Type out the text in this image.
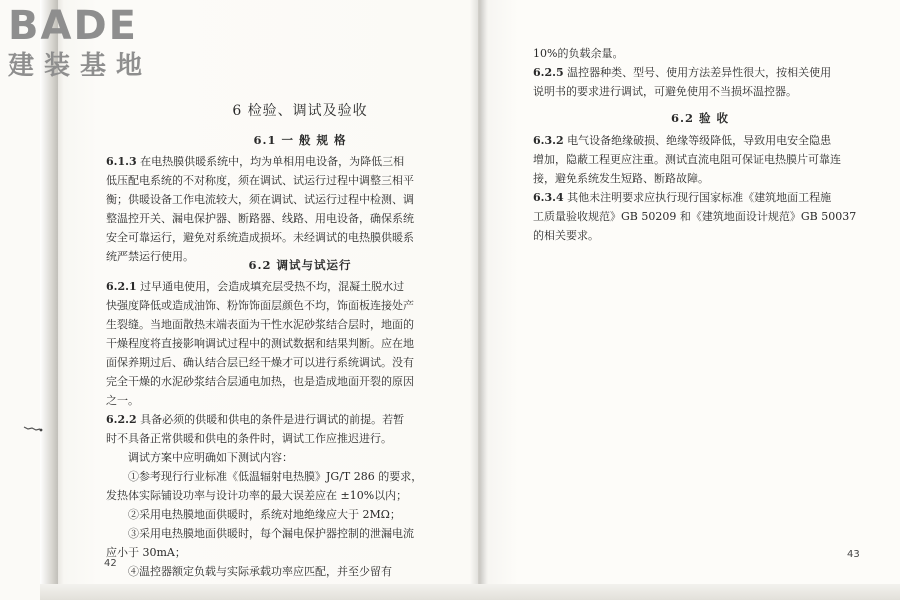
BADE
建装基地
6 检验、调试及验收
6.1 一 般 规 格

6.1.3 在电热膜供暖系统中，均为单相用电设备，为降低三相

低压配电系统的不对称度，须在调试、试运行过程中调整三相平

衡；供暖设备工作电流较大，须在调试、试运行过程中检测、调

整温控开关、漏电保护器、断路器、线路、用电设备，确保系统

安全可靠运行，避免对系统造成损坏。未经调试的电热膜供暖系

统严禁运行使用。

6.2 调试与试运行

6.2.1 过早通电使用，会造成填充层受热不均，混凝土脱水过

快强度降低或造成油饰、粉饰饰面层颜色不均，饰面板连接处产

生裂缝。当地面散热末端表面为干性水泥砂浆结合层时，地面的

干燥程度将直接影响调试过程中的测试数据和结果判断。应在地

面保养期过后、确认结合层已经干燥才可以进行系统调试。没有

完全干燥的水泥砂浆结合层通电加热，也是造成地面开裂的原因

之一。

6.2.2 具备必须的供暖和供电的条件是进行调试的前提。若暂

时不具备正常供暖和供电的条件时，调试工作应推迟进行。

调试方案中应明确如下测试内容：

①参考现行行业标准《低温辐射电热膜》JG/T 286 的要求，

发热体实际铺设功率与设计功率的最大误差应在 ±10%以内；

②采用电热膜地面供暖时，系统对地绝缘应大于 2MΩ；

③采用电热膜地面供暖时，每个漏电保护器控制的泄漏电流

应小于 30mA；

④温控器额定负载与实际承载功率应匹配，并至少留有

42

10%的负载余量。

6.2.5 温控器种类、型号、使用方法差异性很大，按相关使用

说明书的要求进行调试，可避免使用不当损坏温控器。

6.2 验 收

6.3.2 电气设备绝缘破损、绝缘等级降低，导致用电安全隐患

增加，隐蔽工程更应注重。测试直流电阻可保证电热膜片可靠连

接，避免系统发生短路、断路故障。

6.3.4 其他未注明要求应执行现行国家标准《建筑地面工程施

工质量验收规范》GB 50209 和《建筑地面设计规范》GB 50037

的相关要求。

43
